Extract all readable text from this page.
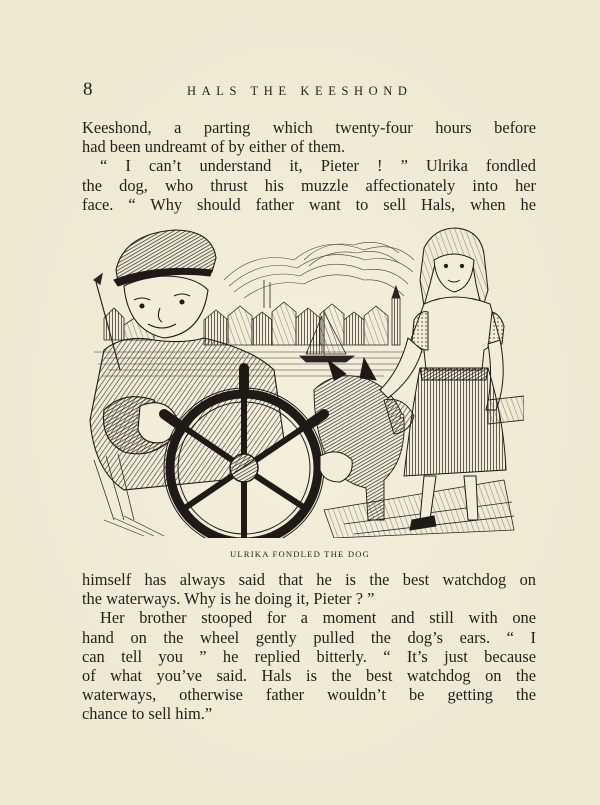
8	HALS THE KEESHOND
Keeshond, a parting which twenty-four hours before
had been undreamt of by either of them.
“ I can’t understand it, Pieter ! ” Ulrika fondled
the dog, who thrust his muzzle affectionately into her
face. “ Why should father want to sell Hals, when he
ULRIKA FONDLED THE DOG
himself has always said that he is the best watchdog on
the waterways. Why is he doing it, Pieter ? ”
Her brother stooped for a moment and still with one
hand on the wheel gently pulled the dog’s ears. “ I
can tell you ” he replied bitterly. “ It’s just because
of what you’ve said. Hals is the best watchdog on the
waterways, otherwise father wouldn’t be getting the
chance to sell him.”
